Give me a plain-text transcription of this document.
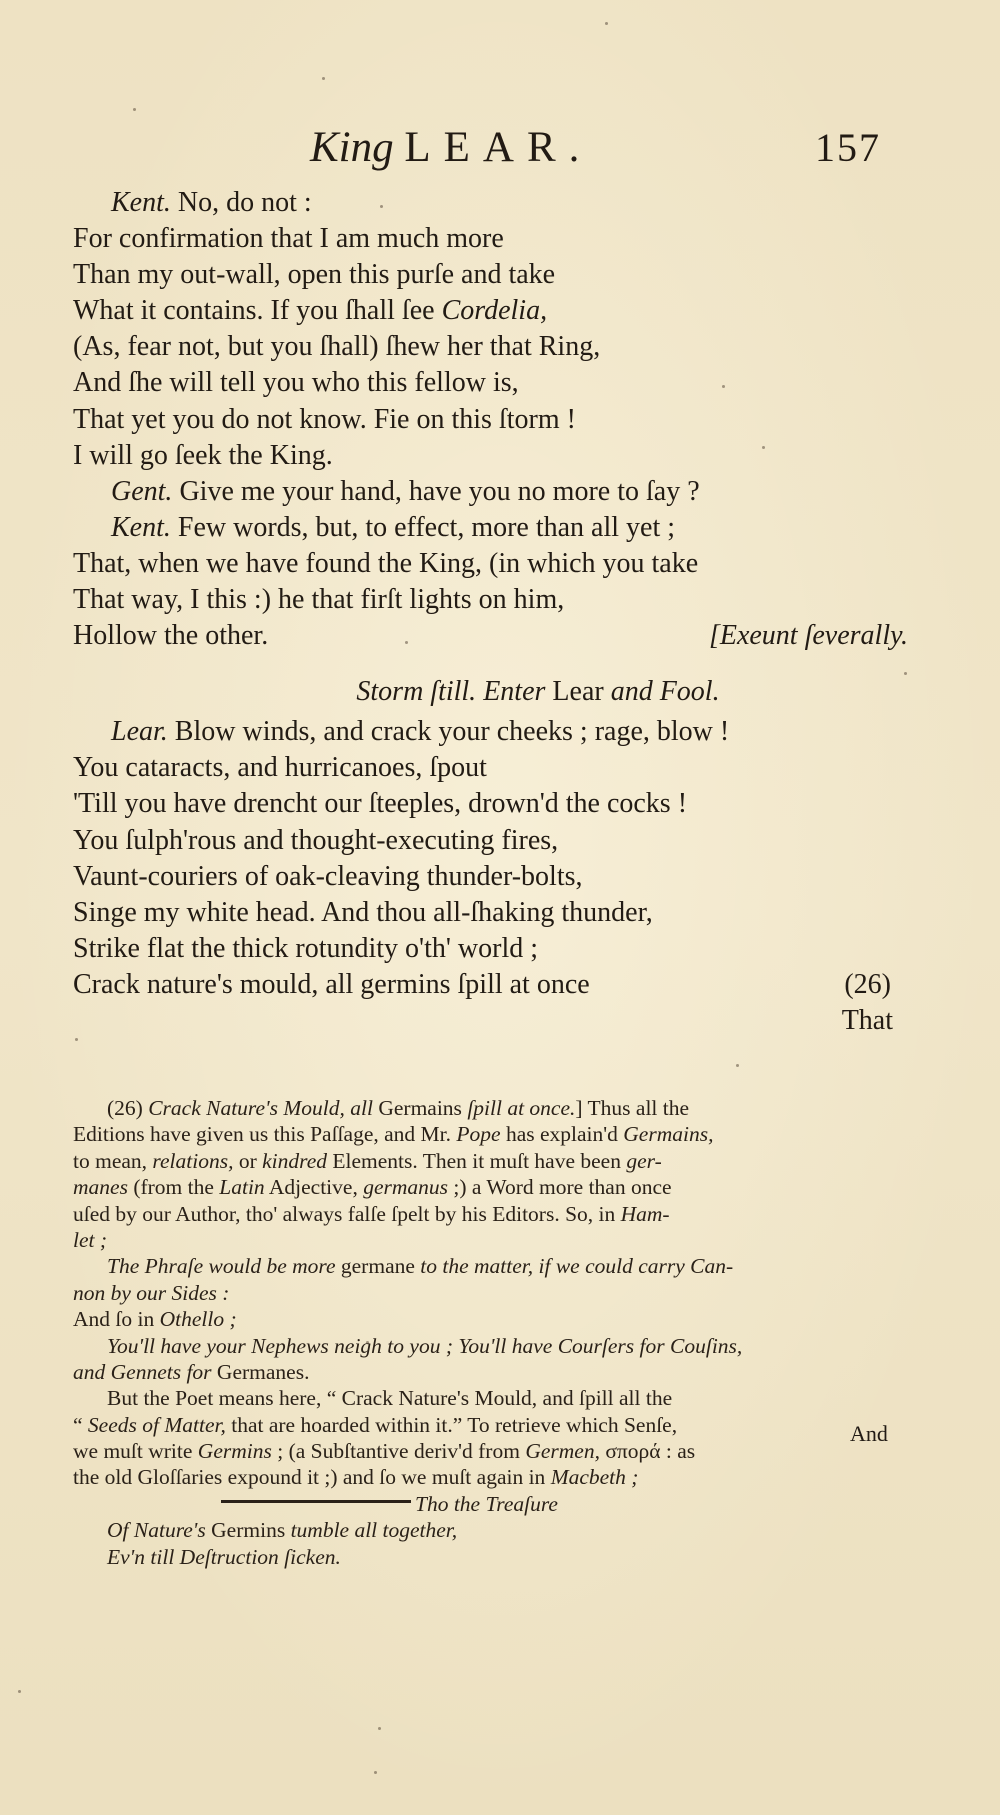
King LEAR.	157
Kent. No, do not :
For confirmation that I am much more
Than my out-wall, open this purſe and take
What it contains. If you ſhall ſee Cordelia,
(As, fear not, but you ſhall) ſhew her that Ring,
And ſhe will tell you who this fellow is,
That yet you do not know. Fie on this ſtorm !
I will go ſeek the King.
Gent. Give me your hand, have you no more to ſay ?
Kent. Few words, but, to effect, more than all yet ;
That, when we have found the King, (in which you take
That way, I this :) he that firſt lights on him,
Hollow the other.	[Exeunt ſeverally.
Storm ſtill. Enter Lear and Fool.
Lear. Blow winds, and crack your cheeks ; rage, blow !
You cataracts, and hurricanoes, ſpout
'Till you have drencht our ſteeples, drown'd the cocks !
You ſulph'rous and thought-executing fires,
Vaunt-couriers of oak-cleaving thunder-bolts,
Singe my white head. And thou all-ſhaking thunder,
Strike flat the thick rotundity o'th' world ;
Crack nature's mould, all germins ſpill at once	(26)
That
(26) Crack Nature's Mould, all Germains ſpill at once.] Thus all the
Editions have given us this Paſſage, and Mr. Pope has explain'd Germains,
to mean, relations, or kindred Elements. Then it muſt have been ger-
manes (from the Latin Adjective, germanus ;) a Word more than once
uſed by our Author, tho' always falſe ſpelt by his Editors. So, in Ham-
let ;
The Phraſe would be more germane to the matter, if we could carry Can-
non by our Sides :
And ſo in Othello ;
You'll have your Nephews neigh to you ; You'll have Courſers for Couſins,
and Gennets for Germanes.
But the Poet means here, “ Crack Nature's Mould, and ſpill all the
“ Seeds of Matter, that are hoarded within it.” To retrieve which Senſe,
we muſt write Germins ; (a Subſtantive deriv'd from Germen, σπορά : as
the old Gloſſaries expound it ;) and ſo we muſt again in Macbeth ;
Tho the Treaſure
Of Nature's Germins tumble all together,
Ev'n till Deſtruction ſicken.
And
